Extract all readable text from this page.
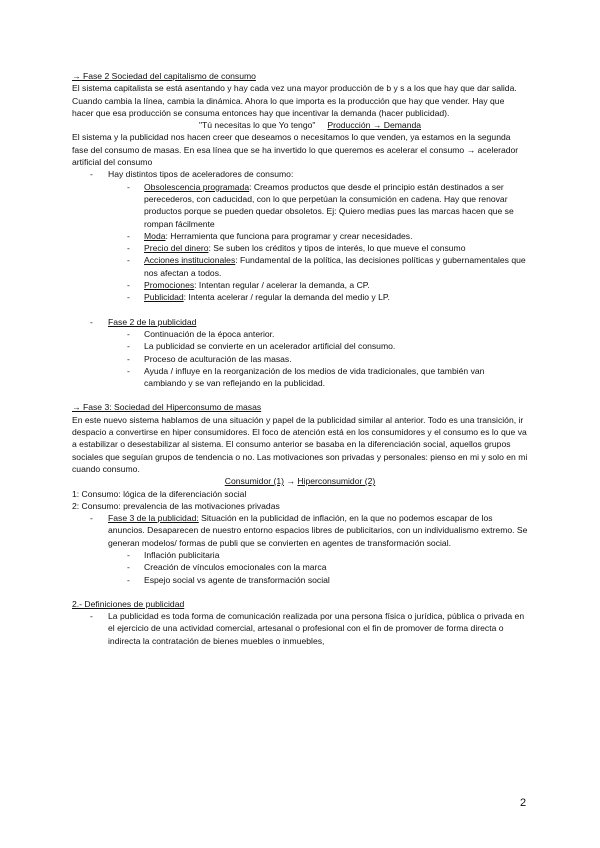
→ Fase 2 Sociedad del capitalismo de consumo

El sistema capitalista se está asentando y hay cada vez una mayor producción de b y s a los que hay que dar salida. Cuando cambia la línea, cambia la dinámica. Ahora lo que importa es la producción que hay que vender. Hay que hacer que esa producción se consuma entonces hay que incentivar la demanda (hacer publicidad).

"Tú necesitas lo que Yo tengo" Producción → Demanda

El sistema y la publicidad nos hacen creer que deseamos o necesitamos lo que venden, ya estamos en la segunda fase del consumo de masas. En esa línea que se ha invertido lo que queremos es acelerar el consumo → acelerador artificial del consumo

- Hay distintos tipos de aceleradores de consumo:
- Obsolescencia programada: Creamos productos que desde el principio están destinados a ser perecederos, con caducidad, con lo que perpetúan la consumición en cadena. Hay que renovar productos porque se pueden quedar obsoletos. Ej: Quiero medias pues las marcas hacen que se rompan fácilmente
- Moda: Herramienta que funciona para programar y crear necesidades.
- Precio del dinero: Se suben los créditos y tipos de interés, lo que mueve el consumo
- Acciones institucionales: Fundamental de la política, las decisiones políticas y gubernamentales que nos afectan a todos.
- Promociones: Intentan regular / acelerar la demanda, a CP.
- Publicidad: Intenta acelerar / regular la demanda del medio y LP.
- Fase 2 de la publicidad
- Continuación de la época anterior.
- La publicidad se convierte en un acelerador artificial del consumo.
- Proceso de aculturación de las masas.
- Ayuda / influye en la reorganización de los medios de vida tradicionales, que también van cambiando y se van reflejando en la publicidad.

→ Fase 3: Sociedad del Hiperconsumo de masas

En este nuevo sistema hablamos de una situación y papel de la publicidad similar al anterior. Todo es una transición, ir despacio a convertirse en hiper consumidores. El foco de atención está en los consumidores y el consumo es lo que va a estabilizar o desestabilizar al sistema. El consumo anterior se basaba en la diferenciación social, aquellos grupos sociales que seguían grupos de tendencia o no. Las motivaciones son privadas y personales: pienso en mi y solo en mi cuando consumo.

Consumidor (1) → Hiperconsumidor (2)

1: Consumo: lógica de la diferenciación social

2: Consumo: prevalencia de las motivaciones privadas

- Fase 3 de la publicidad: Situación en la publicidad de inflación, en la que no podemos escapar de los anuncios. Desaparecen de nuestro entorno espacios libres de publicitarios, con un individualismo extremo. Se generan modelos/ formas de publi que se convierten en agentes de transformación social.
- Inflación publicitaria
- Creación de vínculos emocionales con la marca
- Espejo social vs agente de transformación social

2.- Definiciones de publicidad

- La publicidad es toda forma de comunicación realizada por una persona física o jurídica, pública o privada en el ejercicio de una actividad comercial, artesanal o profesional con el fin de promover de forma directa o indirecta la contratación de bienes muebles o inmuebles,
2
